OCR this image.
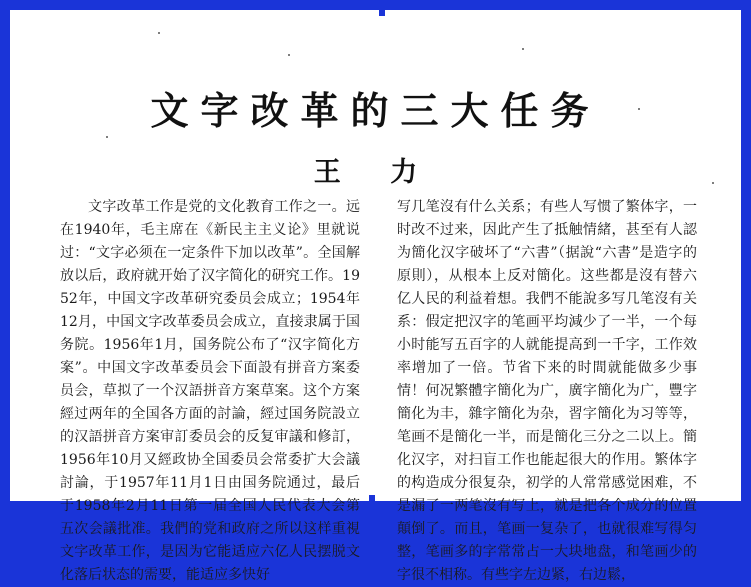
文字改革的三大任务
王 力

文字改革工作是党的文化教育工作之一。远在1940年，毛主席在《新民主主义论》里就说过：“文字必须在一定条件下加以改革”。全国解放以后，政府就开始了汉字简化的研究工作。1952年，中国文字改革研究委员会成立；1954年12月，中国文字改革委员会成立，直接隶属于国务院。1956年1月，国务院公布了“汉字简化方案”。中国文字改革委员会下面設有拼音方案委员会，草拟了一个汉語拼音方案草案。这个方案經过两年的全国各方面的討論，經过国务院設立的汉語拼音方案审訂委员会的反复审議和修訂，1956年10月又經政协全国委员会常委扩大会議討論，于1957年11月1日由国务院通过，最后于1958年2月11日第一届全国人民代表大会第五次会議批准。我們的党和政府之所以这样重視文字改革工作，是因为它能适应六亿人民摆脱文化落后状态的需要，能适应多快好

写几笔沒有什么关系；有些人写惯了繁体字，一时改不过来，因此产生了抵触情緒，甚至有人認为簡化汉字破坏了“六書”（据說“六書”是造字的原則），从根本上反对簡化。这些都是沒有替六亿人民的利益着想。我們不能說多写几笔沒有关系：假定把汉字的笔画平均減少了一半，一个每小时能写五百字的人就能提高到一千字，工作效率增加了一倍。节省下来的时間就能做多少事情！何况繁體字簡化为广，廣字簡化为广，豐字簡化为丰，雜字簡化为杂，習字簡化为习等等，笔画不是簡化一半，而是簡化三分之二以上。簡化汉字，对扫盲工作也能起很大的作用。繁体字的构造成分很复杂，初学的人常常感觉困难，不是漏了一两笔沒有写上，就是把各个成分的位置顛倒了。而且，笔画一复杂了，也就很难写得匀整，笔画多的字常常占一大块地盘，和笔画少的字很不相称。有些字左边紧，右边鬆，
